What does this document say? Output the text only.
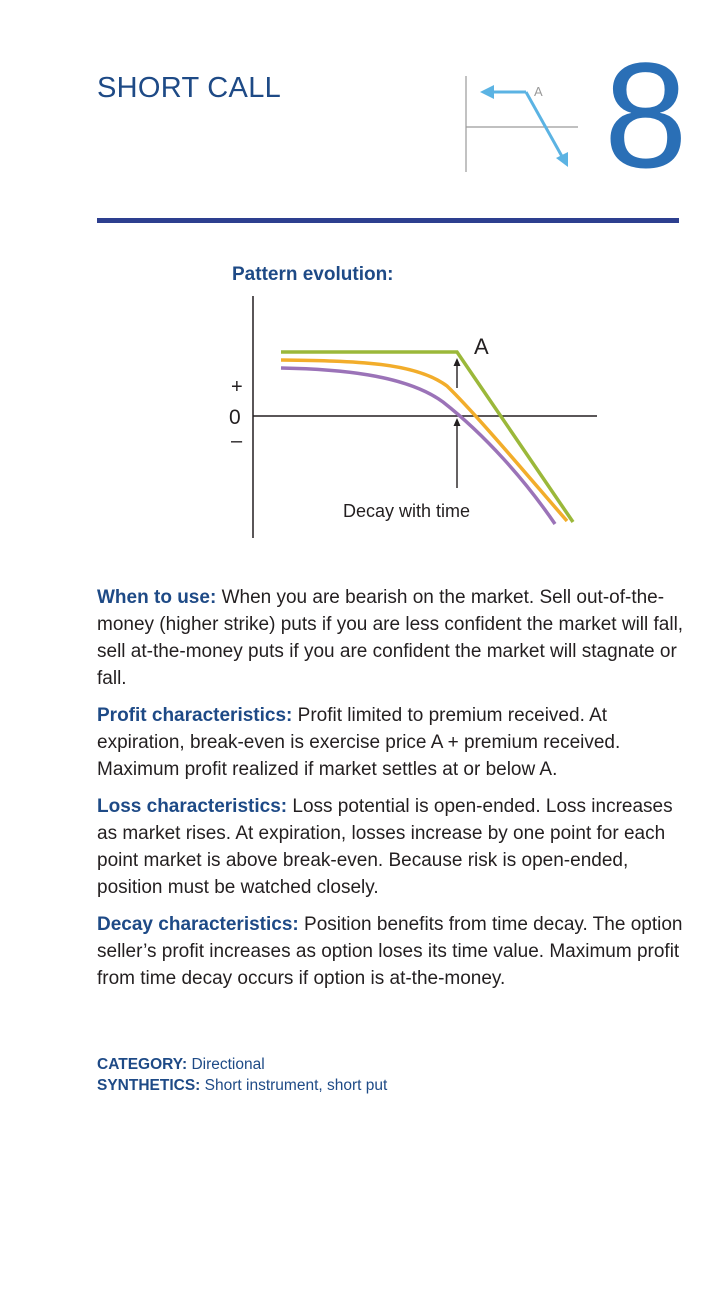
SHORT CALL	A 8
Pattern evolution:
+
0
–
A
Decay with time

When to use: When you are bearish on the market. Sell out-of-the-money (higher strike) puts if you are less confident the market will fall, sell at-the-money puts if you are confident the market will stagnate or fall.

Profit characteristics: Profit limited to premium received. At expiration, break-even is exercise price A + premium received. Maximum profit realized if market settles at or below A.

Loss characteristics: Loss potential is open-ended. Loss increases as market rises. At expiration, losses increase by one point for each point market is above break-even. Because risk is open-ended, position must be watched closely.

Decay characteristics: Position benefits from time decay. The option seller’s profit increases as option loses its time value. Maximum profit from time decay occurs if option is at-the-money.

CATEGORY: Directional
SYNTHETICS: Short instrument, short put
